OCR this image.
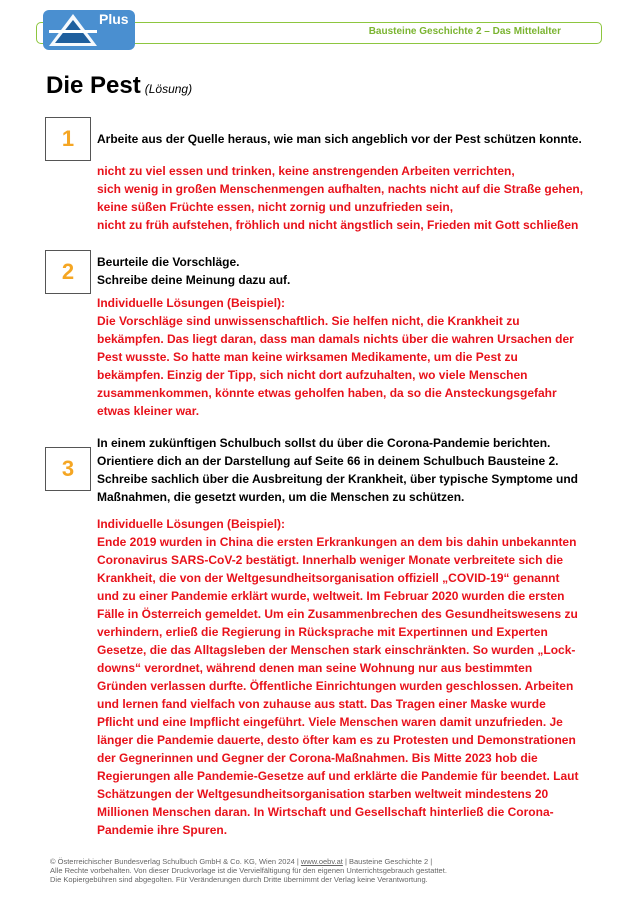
Bausteine Geschichte 2 – Das Mittelalter
Plus
Die Pest (Lösung)
1	Arbeite aus der Quelle heraus, wie man sich angeblich vor der Pest schützen konnte.
nicht zu viel essen und trinken, keine anstrengenden Arbeiten verrichten,
sich wenig in großen Menschenmengen aufhalten, nachts nicht auf die Straße gehen,
keine süßen Früchte essen, nicht zornig und unzufrieden sein,
nicht zu früh aufstehen, fröhlich und nicht ängstlich sein, Frieden mit Gott schließen
2	Beurteile die Vorschläge.
Schreibe deine Meinung dazu auf.
Individuelle Lösungen (Beispiel):
Die Vorschläge sind unwissenschaftlich. Sie helfen nicht, die Krankheit zu
bekämpfen. Das liegt daran, dass man damals nichts über die wahren Ursachen der
Pest wusste. So hatte man keine wirksamen Medikamente, um die Pest zu
bekämpfen. Einzig der Tipp, sich nicht dort aufzuhalten, wo viele Menschen
zusammenkommen, könnte etwas geholfen haben, da so die Ansteckungsgefahr
etwas kleiner war.
3
In einem zukünftigen Schulbuch sollst du über die Corona-Pandemie berichten.
Orientiere dich an der Darstellung auf Seite 66 in deinem Schulbuch Bausteine 2.
Schreibe sachlich über die Ausbreitung der Krankheit, über typische Symptome und
Maßnahmen, die gesetzt wurden, um die Menschen zu schützen.
Individuelle Lösungen (Beispiel):
Ende 2019 wurden in China die ersten Erkrankungen an dem bis dahin unbekannten
Coronavirus SARS-CoV-2 bestätigt. Innerhalb weniger Monate verbreitete sich die
Krankheit, die von der Weltgesundheitsorganisation offiziell „COVID-19“ genannt
und zu einer Pandemie erklärt wurde, weltweit. Im Februar 2020 wurden die ersten
Fälle in Österreich gemeldet. Um ein Zusammenbrechen des Gesundheitswesens zu
verhindern, erließ die Regierung in Rücksprache mit Expertinnen und Experten
Gesetze, die das Alltagsleben der Menschen stark einschränkten. So wurden „Lock-
downs“ verordnet, während denen man seine Wohnung nur aus bestimmten
Gründen verlassen durfte. Öffentliche Einrichtungen wurden geschlossen. Arbeiten
und lernen fand vielfach von zuhause aus statt. Das Tragen einer Maske wurde
Pflicht und eine Impflicht eingeführt. Viele Menschen waren damit unzufrieden. Je
länger die Pandemie dauerte, desto öfter kam es zu Protesten und Demonstrationen
der Gegnerinnen und Gegner der Corona-Maßnahmen. Bis Mitte 2023 hob die
Regierungen alle Pandemie-Gesetze auf und erklärte die Pandemie für beendet. Laut
Schätzungen der Weltgesundheitsorganisation starben weltweit mindestens 20
Millionen Menschen daran. In Wirtschaft und Gesellschaft hinterließ die Corona-
Pandemie ihre Spuren.
© Österreichischer Bundesverlag Schulbuch GmbH & Co. KG, Wien 2024 | www.oebv.at | Bausteine Geschichte 2 |
Alle Rechte vorbehalten. Von dieser Druckvorlage ist die Vervielfältigung für den eigenen Unterrichtsgebrauch gestattet.
Die Kopiergebühren sind abgegolten. Für Veränderungen durch Dritte übernimmt der Verlag keine Verantwortung.
